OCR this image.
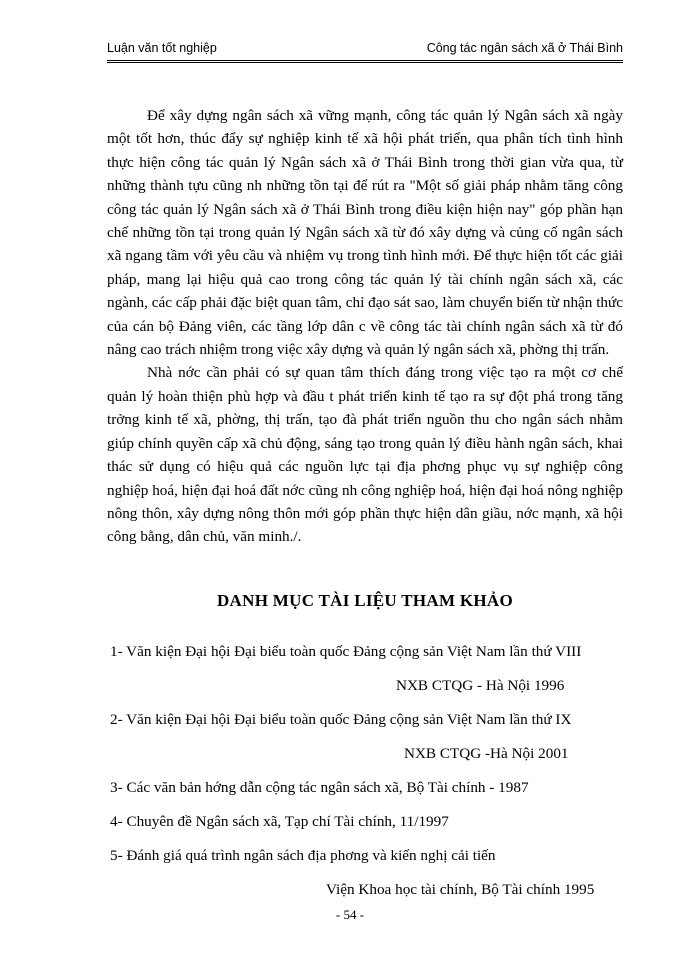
Luận văn tốt nghiệp	Công tác ngân sách xã ở Thái Bình

Để xây dựng ngân sách xã vững mạnh, công tác quản lý Ngân sách xã ngày một tốt hơn, thúc đẩy sự nghiệp kinh tế xã hội phát triển, qua phân tích tình hình thực hiện công tác quản lý Ngân sách xã ở Thái Bình trong thời gian vừa qua, từ những thành tựu cũng nh những tồn tại để rút ra "Một số giải pháp nhằm tăng công công tác quản lý Ngân sách xã ở Thái Bình trong điều kiện hiện nay" góp phần hạn chế những tồn tại trong quản lý Ngân sách xã từ đó xây dựng và củng cố ngân sách xã ngang tầm với yêu cầu và nhiệm vụ trong tình hình mới. Để thực hiện tốt các giải pháp, mang lại hiệu quả cao trong công tác quản lý tài chính ngân sách xã, các ngành, các cấp phải đặc biệt quan tâm, chỉ đạo sát sao, làm chuyển biến từ nhận thức của cán bộ Đảng viên, các tầng lớp dân c về công tác tài chính ngân sách xã từ đó nâng cao trách nhiệm trong việc xây dựng và quản lý ngân sách xã, phờng thị trấn.

Nhà nớc cần phải có sự quan tâm thích đáng trong việc tạo ra một cơ chế quản lý hoàn thiện phù hợp và đầu t phát triển kinh tế tạo ra sự đột phá trong tăng trởng kinh tế xã, phờng, thị trấn, tạo đà phát triển nguồn thu cho ngân sách nhằm giúp chính quyền cấp xã chủ động, sáng tạo trong quản lý điều hành ngân sách, khai thác sử dụng có hiệu quả các nguồn lực tại địa phơng phục vụ sự nghiệp công nghiệp hoá, hiện đại hoá đất nớc cũng nh công nghiệp hoá, hiện đại hoá nông nghiệp nông thôn, xây dựng nông thôn mới góp phần thực hiện dân giầu, nớc mạnh, xã hội công bằng, dân chủ, văn minh./.

DANH MỤC TÀI LIỆU THAM KHẢO
1- Văn kiện Đại hội Đại biểu toàn quốc Đảng cộng sản Việt Nam lần thứ VIII
NXB CTQG - Hà Nội 1996
2- Văn kiện Đại hội Đại biểu toàn quốc Đảng cộng sản Việt Nam lần thứ IX
NXB CTQG -Hà Nội 2001
3- Các văn bản hớng dẫn cộng tác ngân sách xã, Bộ Tài chính - 1987
4- Chuyên đề Ngân sách xã, Tạp chí Tài chính, 11/1997
5- Đánh giá quá trình ngân sách địa phơng và kiến nghị cải tiến
Viện Khoa học tài chính, Bộ Tài chính 1995
- 54 -
